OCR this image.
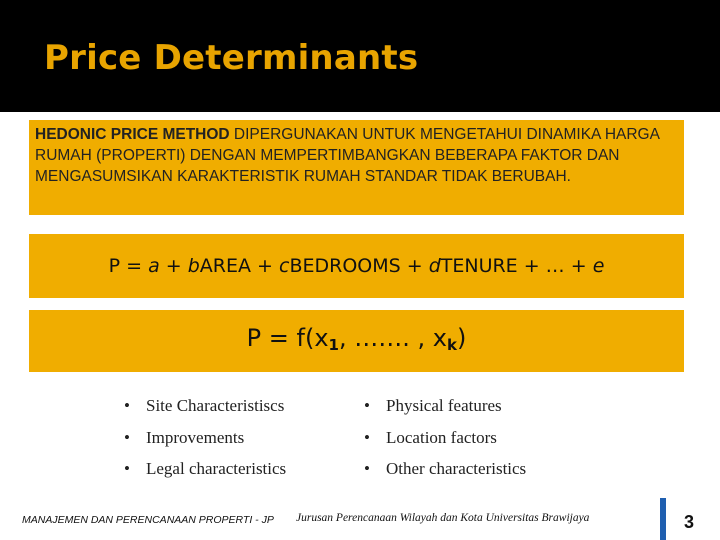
Price Determinants
HEDONIC PRICE METHOD DIPERGUNAKAN UNTUK MENGETAHUI DINAMIKA HARGA RUMAH (PROPERTI) DENGAN MEMPERTIMBANGKAN BEBERAPA FAKTOR DAN MENGASUMSIKAN KARAKTERISTIK RUMAH STANDAR TIDAK BERUBAH.
P = a + bAREA + cBEDROOMS + dTENURE + … + e
$P = f(x_1$, ……. , $x_k$)
• Site Characteristiscs
• Improvements
• Legal characteristics
• Physical features
• Location factors
• Other characteristics
MANAJEMEN DAN PERENCANAAN PROPERTI - JP Jurusan Perencanaan Wilayah dan Kota Universitas Brawijaya	3
